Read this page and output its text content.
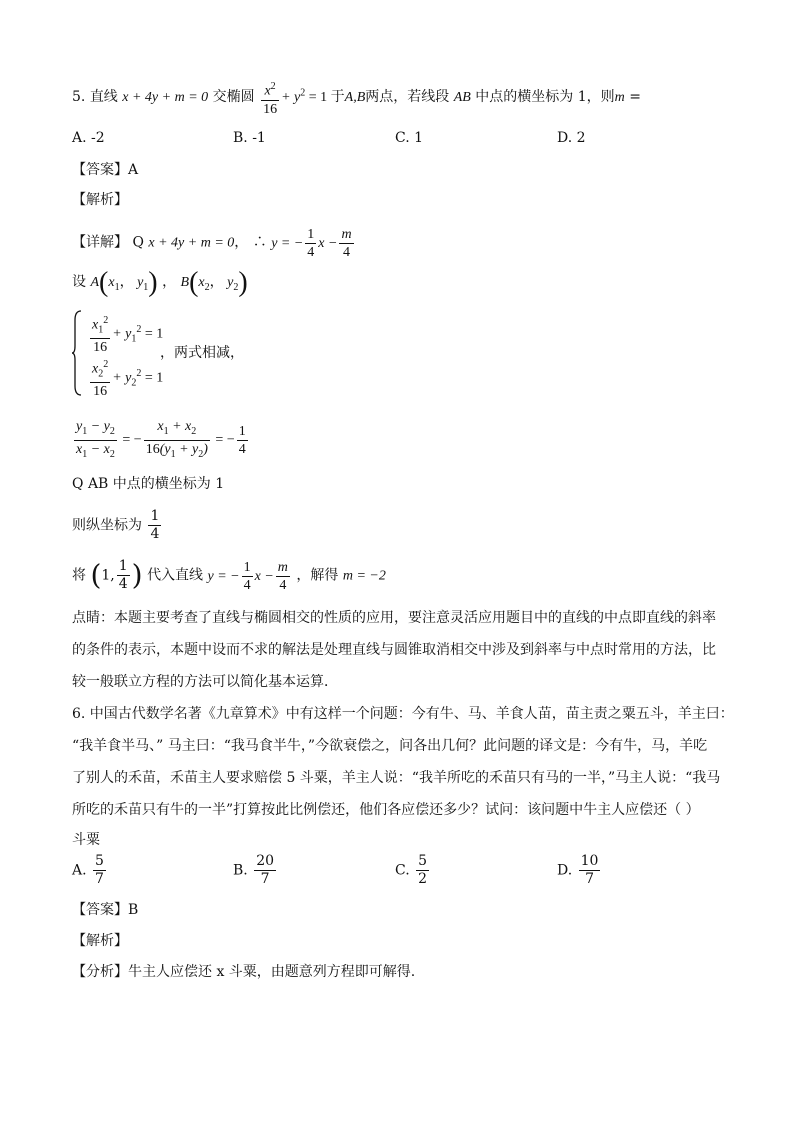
5. 直线 x + 4y + m = 0 交椭圆 $\frac{x^2}{16} + y^2 = 1$ 于A,B两点，若线段 AB 中点的横坐标为 1，则m =
A. -2	B. -1	C. 1	D. 2
【答案】A
【解析】
【详解】 Q x + 4y + m = 0， ∴ y = − $\frac{1}{4}$ $x - \frac{m}{4}$
设 $A(x_1$， $y_1$) ， $B(x_2$， $y_2$)
$\frac{x_1^2}{16} + y_1^2 = 1$
，两式相减，
$\frac{x_2^2}{16} + y_2^2 = 1$
$\frac{y_1 - y_2}{x_1 - x_2}$ = − $\frac{x_1 + x_2}{16(y_1 + y_2)}$ = − $\frac{1}{4}$
Q AB 中点的横坐标为 1
则纵坐标为 $\frac{1}{4}$
将 (1, $\frac{1}{4}$ ) 代入直线 y = − $\frac{1}{4}$ $x - \frac{m}{4}$ ，解得 m = −2
点睛：本题主要考查了直线与椭圆相交的性质的应用，要注意灵活应用题目中的直线的中点即直线的斜率
的条件的表示，本题中设而不求的解法是处理直线与圆锥取消相交中涉及到斜率与中点时常用的方法，比
较一般联立方程的方法可以简化基本运算．
6. 中国古代数学名著《九章算术》中有这样一个问题：今有牛、马、羊食人苗，苗主责之粟五斗，羊主曰：
“我羊食半马、” 马主曰：“我马食半牛，”今欲衰偿之，问各出几何？此问题的译文是：今有牛，马，羊吃
了别人的禾苗，禾苗主人要求赔偿 5 斗粟，羊主人说：“我羊所吃的禾苗只有马的一半，”马主人说：“我马
所吃的禾苗只有牛的一半”打算按此比例偿还，他们各应偿还多少？试问：该问题中牛主人应偿还（ ）
斗粟
A. $\frac{5}{7}$	B. $\frac{20}{7}$	C. $\frac{5}{2}$	D. $\frac{10}{7}$
【答案】B
【解析】
【分析】牛主人应偿还 x 斗粟，由题意列方程即可解得.
